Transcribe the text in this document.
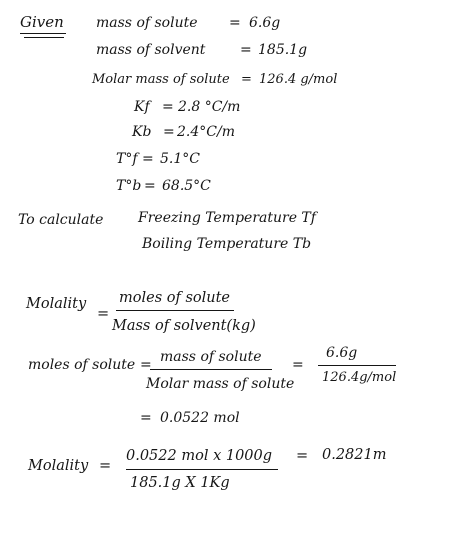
Given mass of solute = 6.6g
mass of solvent = 185.1g
Molar mass of solute = 126.4 g/mol
Kf = 2.8 °C/m
Kb = 2.4°C/m
T°f = 5.1°C
T°b = 68.5°C
To calculate Freezing Temperature Tf
Boiling Temperature Tb
Molality
=
moles of solute
Mass of solvent(kg)
moles of solute = mass of solute
Molar mass of solute
=
6.6g
126.4g/mol
= 0.0522 mol
Molality =
0.0522 mol x 1000g
185.1g X 1Kg
= 0.2821m
